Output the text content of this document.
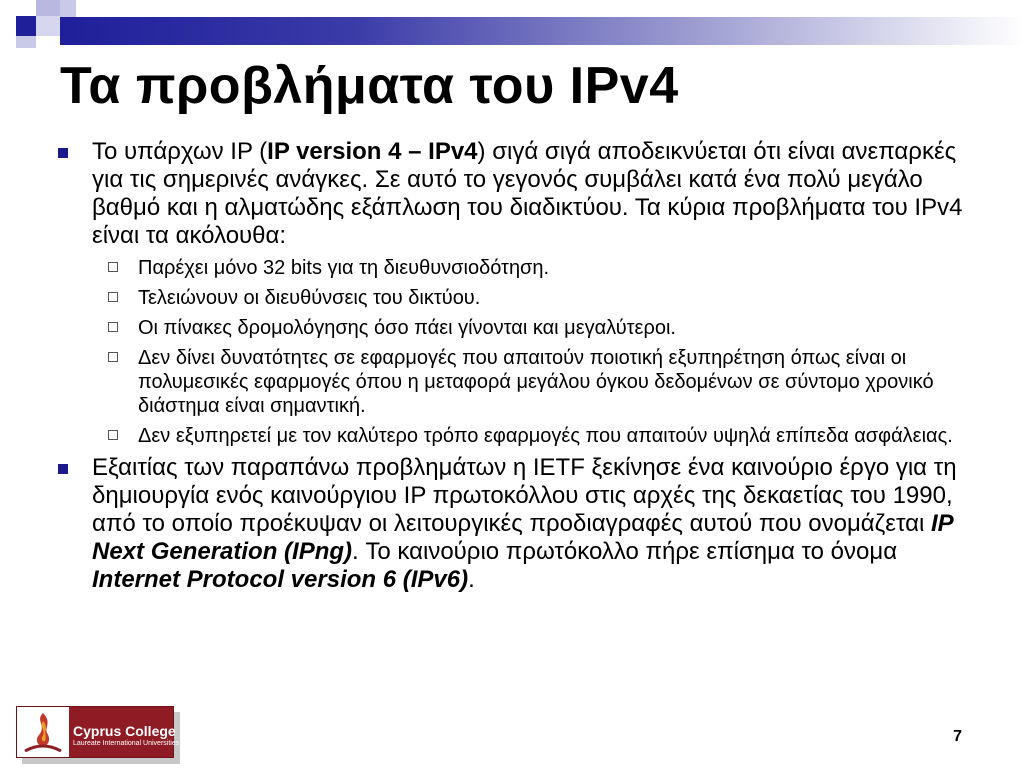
Τα προβλήματα του IPv4
Το υπάρχων IP (IP version 4 – IPv4) σιγά σιγά αποδεικνύεται ότι είναι ανεπαρκές για τις σημερινές ανάγκες. Σε αυτό το γεγονός συμβάλει κατά ένα πολύ μεγάλο βαθμό και η αλματώδης εξάπλωση του διαδικτύου. Τα κύρια προβλήματα του IPv4 είναι τα ακόλουθα:
Παρέχει μόνο 32 bits για τη διευθυνσιοδότηση.
Τελειώνουν οι διευθύνσεις του δικτύου.
Οι πίνακες δρομολόγησης όσο πάει γίνονται και μεγαλύτεροι.
Δεν δίνει δυνατότητες σε εφαρμογές που απαιτούν ποιοτική εξυπηρέτηση όπως είναι οι πολυμεσικές εφαρμογές όπου η μεταφορά μεγάλου όγκου δεδομένων σε σύντομο χρονικό διάστημα είναι σημαντική.
Δεν εξυπηρετεί με τον καλύτερο τρόπο εφαρμογές που απαιτούν υψηλά επίπεδα ασφάλειας.
Εξαιτίας των παραπάνω προβλημάτων η IETF ξεκίνησε ένα καινούριο έργο για τη δημιουργία ενός καινούργιου IP πρωτοκόλλου στις αρχές της δεκαετίας του 1990, από το οποίο προέκυψαν οι λειτουργικές προδιαγραφές αυτού που ονομάζεται IP Next Generation (IPng). Το καινούριο πρωτόκολλο πήρε επίσημα το όνομα Internet Protocol version 6 (IPv6).
Cyprus College
Laureate International Universities	7
